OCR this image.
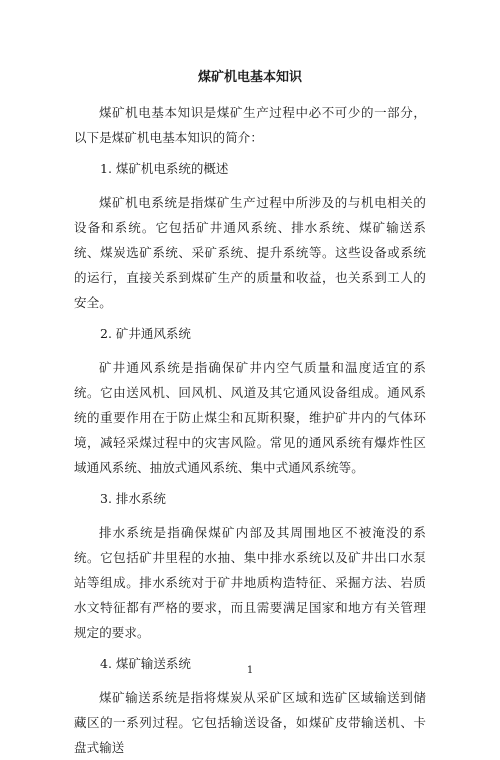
煤矿机电基本知识

煤矿机电基本知识是煤矿生产过程中必不可少的一部分，以下是煤矿机电基本知识的简介：

1. 煤矿机电系统的概述

煤矿机电系统是指煤矿生产过程中所涉及的与机电相关的设备和系统。它包括矿井通风系统、排水系统、煤矿输送系统、煤炭选矿系统、采矿系统、提升系统等。这些设备或系统的运行，直接关系到煤矿生产的质量和收益，也关系到工人的安全。

2. 矿井通风系统

矿井通风系统是指确保矿井内空气质量和温度适宜的系统。它由送风机、回风机、风道及其它通风设备组成。通风系统的重要作用在于防止煤尘和瓦斯积聚，维护矿井内的气体环境，减轻采煤过程中的灾害风险。常见的通风系统有爆炸性区域通风系统、抽放式通风系统、集中式通风系统等。

3. 排水系统

排水系统是指确保煤矿内部及其周围地区不被淹没的系统。它包括矿井里程的水抽、集中排水系统以及矿井出口水泵站等组成。排水系统对于矿井地质构造特征、采掘方法、岩质水文特征都有严格的要求，而且需要满足国家和地方有关管理规定的要求。

4. 煤矿输送系统

煤矿输送系统是指将煤炭从采矿区域和选矿区域输送到储藏区的一系列过程。它包括输送设备，如煤矿皮带输送机、卡盘式输送

1
